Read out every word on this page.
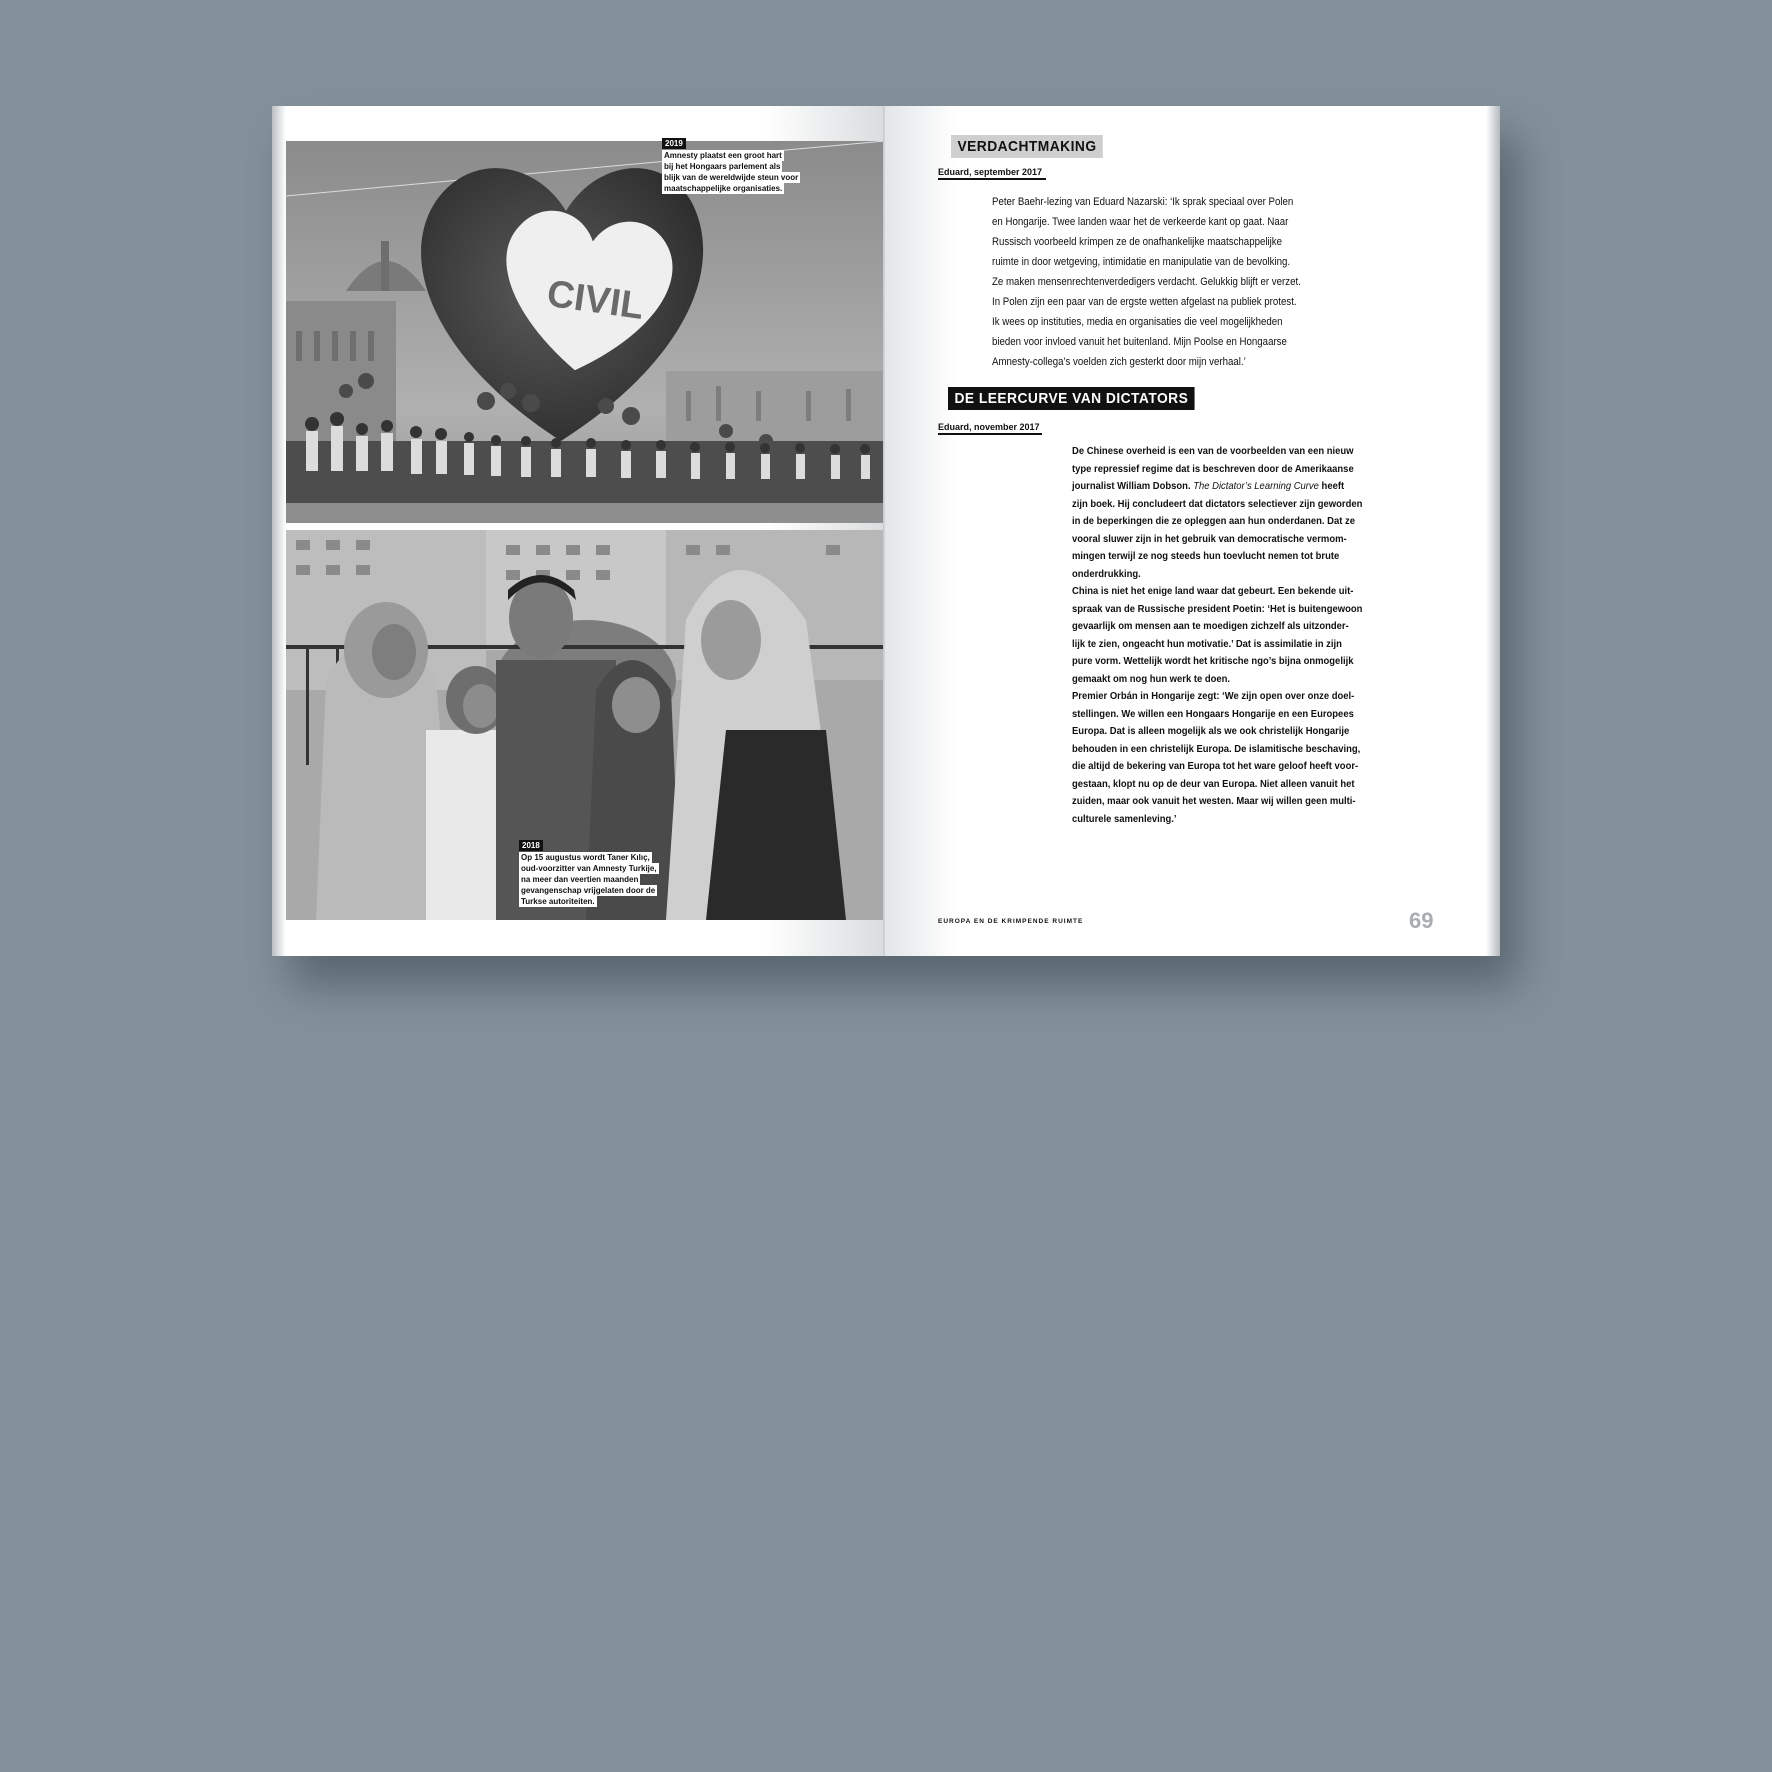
CIVIL
2019
Amnesty plaatst een groot hart
bij het Hongaars parlement als
blijk van de wereldwijde steun voor
maatschappelijke organisaties.
2018
Op 15 augustus wordt Taner Kılıç,
oud-voorzitter van Amnesty Turkije,
na meer dan veertien maanden
gevangenschap vrijgelaten door de
Turkse autoriteiten.
VERDACHTMAKING
Eduard, september 2017
Peter Baehr-lezing van Eduard Nazarski: ‘Ik sprak speciaal over Polen
en Hongarije. Twee landen waar het de verkeerde kant op gaat. Naar
Russisch voorbeeld krimpen ze de onafhankelijke maatschappelijke
ruimte in door wetgeving, intimidatie en manipulatie van de bevolking.
Ze maken mensenrechtenverdedigers verdacht. Gelukkig blijft er verzet.
In Polen zijn een paar van de ergste wetten afgelast na publiek protest.
Ik wees op instituties, media en organisaties die veel mogelijkheden
bieden voor invloed vanuit het buitenland. Mijn Poolse en Hongaarse
Amnesty-collega’s voelden zich gesterkt door mijn verhaal.’
DE LEERCURVE VAN DICTATORS
Eduard, november 2017
De Chinese overheid is een van de voorbeelden van een nieuw
type repressief regime dat is beschreven door de Amerikaanse
journalist William Dobson. The Dictator’s Learning Curve heeft
zijn boek. Hij concludeert dat dictators selectiever zijn geworden
in de beperkingen die ze opleggen aan hun onderdanen. Dat ze
vooral sluwer zijn in het gebruik van democratische vermom-
mingen terwijl ze nog steeds hun toevlucht nemen tot brute
onderdrukking.
China is niet het enige land waar dat gebeurt. Een bekende uit-
spraak van de Russische president Poetin: ‘Het is buitengewoon
gevaarlijk om mensen aan te moedigen zichzelf als uitzonder-
lijk te zien, ongeacht hun motivatie.’ Dat is assimilatie in zijn
pure vorm. Wettelijk wordt het kritische ngo’s bijna onmogelijk
gemaakt om nog hun werk te doen.
Premier Orbán in Hongarije zegt: ‘We zijn open over onze doel-
stellingen. We willen een Hongaars Hongarije en een Europees
Europa. Dat is alleen mogelijk als we ook christelijk Hongarije
behouden in een christelijk Europa. De islamitische beschaving,
die altijd de bekering van Europa tot het ware geloof heeft voor-
gestaan, klopt nu op de deur van Europa. Niet alleen vanuit het
zuiden, maar ook vanuit het westen. Maar wij willen geen multi-
culturele samenleving.’
EUROPA EN DE KRIMPENDE RUIMTE	69
